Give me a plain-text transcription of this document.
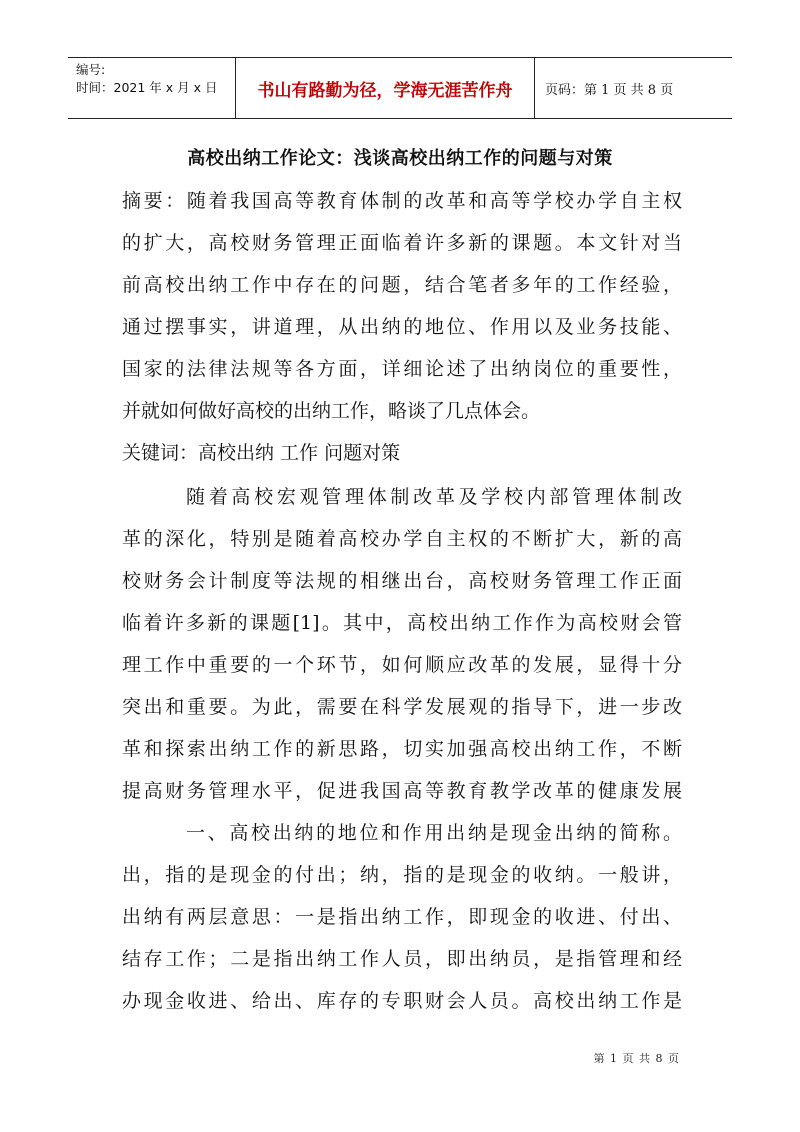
编号:
时间：2021 年 x 月 x 日	书山有路勤为径，学海无涯苦作舟	页码：第 1 页 共 8 页
高校出纳工作论文：浅谈高校出纳工作的问题与对策
摘要：随着我国高等教育体制的改革和高等学校办学自主权
的扩大，高校财务管理正面临着许多新的课题。本文针对当
前高校出纳工作中存在的问题，结合笔者多年的工作经验，
通过摆事实，讲道理，从出纳的地位、作用以及业务技能、
国家的法律法规等各方面，详细论述了出纳岗位的重要性，
并就如何做好高校的出纳工作，略谈了几点体会。
关键词：高校出纳 工作 问题对策
随着高校宏观管理体制改革及学校内部管理体制改
革的深化，特别是随着高校办学自主权的不断扩大，新的高
校财务会计制度等法规的相继出台，高校财务管理工作正面
临着许多新的课题[1]。其中，高校出纳工作作为高校财会管
理工作中重要的一个环节，如何顺应改革的发展，显得十分
突出和重要。为此，需要在科学发展观的指导下，进一步改
革和探索出纳工作的新思路，切实加强高校出纳工作，不断
提高财务管理水平，促进我国高等教育教学改革的健康发展
一、高校出纳的地位和作用出纳是现金出纳的简称。
出，指的是现金的付出；纳，指的是现金的收纳。一般讲，
出纳有两层意思：一是指出纳工作，即现金的收进、付出、
结存工作；二是指出纳工作人员，即出纳员，是指管理和经
办现金收进、给出、库存的专职财会人员。高校出纳工作是
第 1 页 共 8 页
